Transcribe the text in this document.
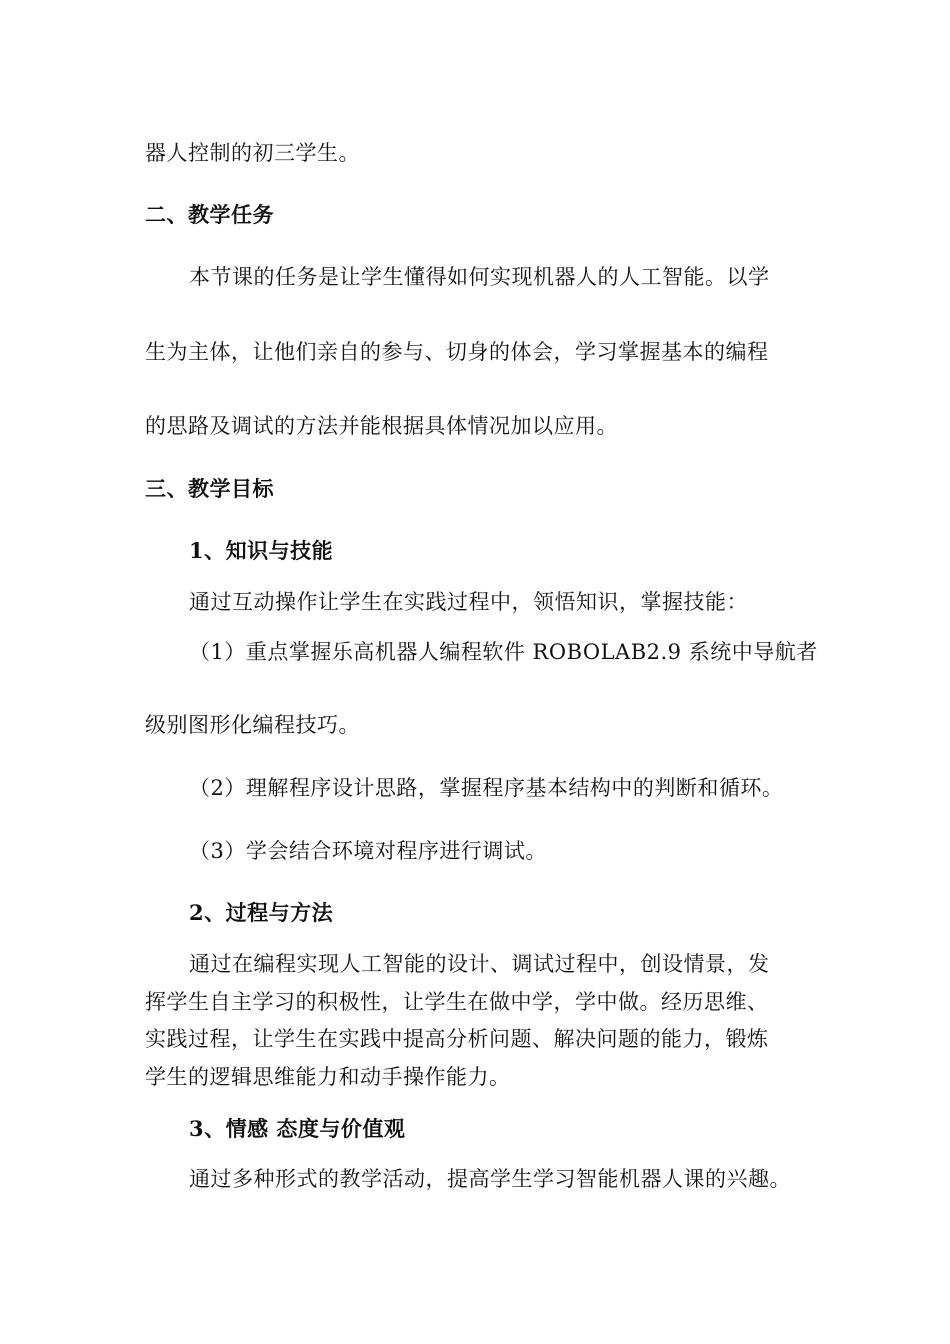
器人控制的初三学生。
二、教学任务
本节课的任务是让学生懂得如何实现机器人的人工智能。以学
生为主体，让他们亲自的参与、切身的体会，学习掌握基本的编程
的思路及调试的方法并能根据具体情况加以应用。
三、教学目标
1、知识与技能
通过互动操作让学生在实践过程中，领悟知识，掌握技能：
（1）重点掌握乐高机器人编程软件 ROBOLAB2.9 系统中导航者
级别图形化编程技巧。
（2）理解程序设计思路，掌握程序基本结构中的判断和循环。
（3）学会结合环境对程序进行调试。
2、过程与方法
通过在编程实现人工智能的设计、调试过程中，创设情景，发
挥学生自主学习的积极性，让学生在做中学，学中做。经历思维、
实践过程，让学生在实践中提高分析问题、解决问题的能力，锻炼
学生的逻辑思维能力和动手操作能力。
3、情感 态度与价值观
通过多种形式的教学活动，提高学生学习智能机器人课的兴趣。
